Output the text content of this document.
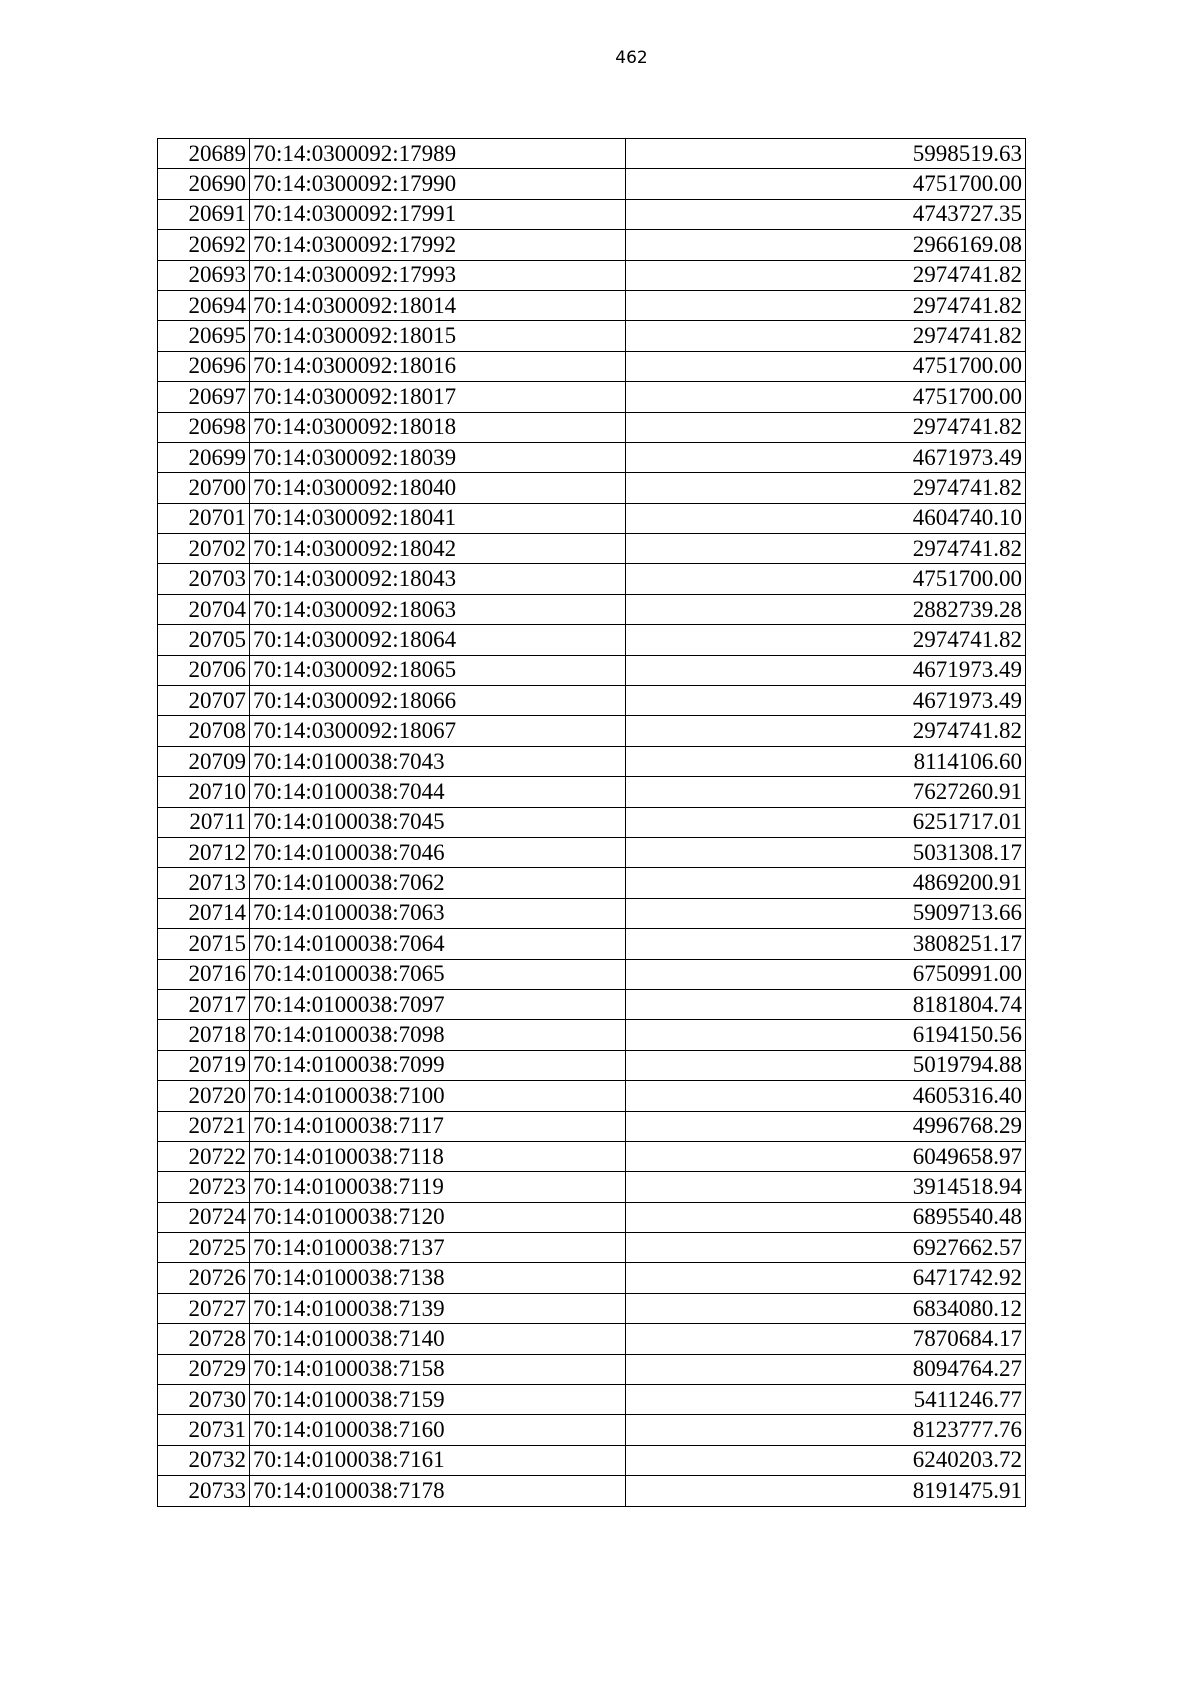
462
20689	70:14:0300092:17989	5998519.63
20690	70:14:0300092:17990	4751700.00
20691	70:14:0300092:17991	4743727.35
20692	70:14:0300092:17992	2966169.08
20693	70:14:0300092:17993	2974741.82
20694	70:14:0300092:18014	2974741.82
20695	70:14:0300092:18015	2974741.82
20696	70:14:0300092:18016	4751700.00
20697	70:14:0300092:18017	4751700.00
20698	70:14:0300092:18018	2974741.82
20699	70:14:0300092:18039	4671973.49
20700	70:14:0300092:18040	2974741.82
20701	70:14:0300092:18041	4604740.10
20702	70:14:0300092:18042	2974741.82
20703	70:14:0300092:18043	4751700.00
20704	70:14:0300092:18063	2882739.28
20705	70:14:0300092:18064	2974741.82
20706	70:14:0300092:18065	4671973.49
20707	70:14:0300092:18066	4671973.49
20708	70:14:0300092:18067	2974741.82
20709	70:14:0100038:7043	8114106.60
20710	70:14:0100038:7044	7627260.91
20711	70:14:0100038:7045	6251717.01
20712	70:14:0100038:7046	5031308.17
20713	70:14:0100038:7062	4869200.91
20714	70:14:0100038:7063	5909713.66
20715	70:14:0100038:7064	3808251.17
20716	70:14:0100038:7065	6750991.00
20717	70:14:0100038:7097	8181804.74
20718	70:14:0100038:7098	6194150.56
20719	70:14:0100038:7099	5019794.88
20720	70:14:0100038:7100	4605316.40
20721	70:14:0100038:7117	4996768.29
20722	70:14:0100038:7118	6049658.97
20723	70:14:0100038:7119	3914518.94
20724	70:14:0100038:7120	6895540.48
20725	70:14:0100038:7137	6927662.57
20726	70:14:0100038:7138	6471742.92
20727	70:14:0100038:7139	6834080.12
20728	70:14:0100038:7140	7870684.17
20729	70:14:0100038:7158	8094764.27
20730	70:14:0100038:7159	5411246.77
20731	70:14:0100038:7160	8123777.76
20732	70:14:0100038:7161	6240203.72
20733	70:14:0100038:7178	8191475.91
